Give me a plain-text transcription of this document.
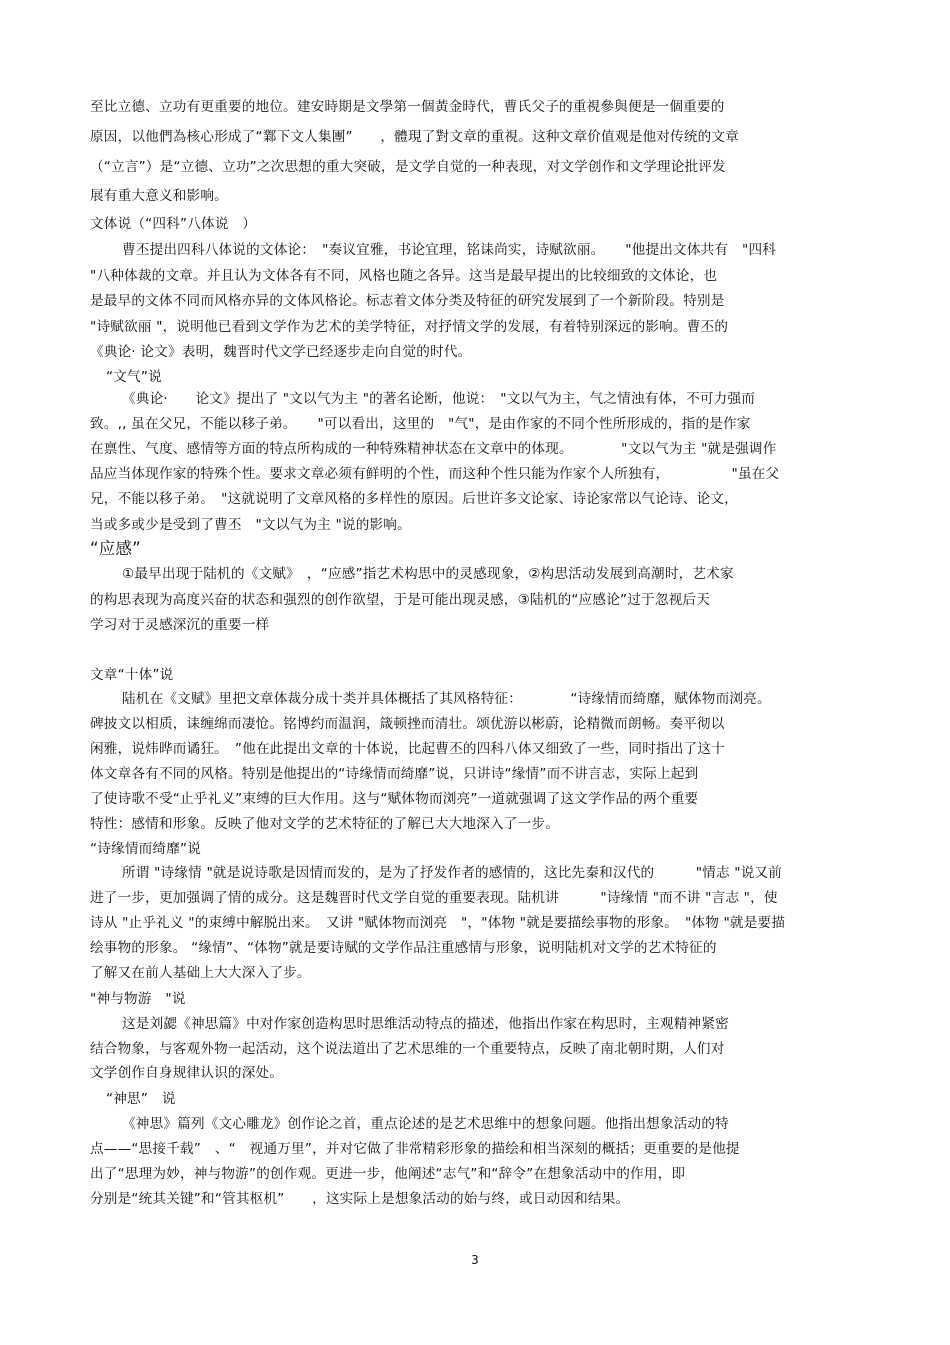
至比立德、立功有更重要的地位。建安時期是文學第一個黃金時代，曹氏父子的重視參與便是一個重要的
原因，以他們為核心形成了“鄴下文人集團”　　，體現了對文章的重視。这种文章价值观是他对传统的文章
（“立言”）是“立德、立功”之次思想的重大突破，是文学自觉的一种表现，对文学创作和文学理论批评发
展有重大意义和影响。
文体说（“四科”八体说　）
曹丕提出四科八体说的文体论：　"奏议宜雅，书论宜理，铭诔尚实，诗赋欲丽。　　"他提出文体共有　"四科
"八种体裁的文章。并且认为文体各有不同，风格也随之各异。这当是最早提出的比较细致的文体论，也
是最早的文体不同而风格亦异的文体风格论。标志着文体分类及特征的研究发展到了一个新阶段。特别是
"诗赋欲丽 "，说明他已看到文学作为艺术的美学特征，对抒情文学的发展，有着特别深远的影响。曹丕的
《典论· 论文》表明，魏晋时代文学已经逐步走向自觉的时代。
“文气”说
《典论·　　论文》提出了 "文以气为主 "的著名论断，他说：　"文以气为主，气之情浊有体，不可力强而
致。,, 虽在父兄，不能以移子弟。　　"可以看出，这里的　"气"，是由作家的不同个性所形成的，指的是作家
在禀性、气度、感情等方面的特点所构成的一种特殊精神状态在文章中的体现。　　　　"文以气为主 "就是强调作
品应当体现作家的特殊个性。要求文章必须有鲜明的个性，而这种个性只能为作家个人所独有，　　　　　"虽在父
兄，不能以移子弟。　"这就说明了文章风格的多样性的原因。后世许多文论家、诗论家常以气论诗、论文，
当或多或少是受到了曹丕　"文以气为主 "说的影响。
“应感”
①最早出现于陆机的《文赋》　，“应感”指艺术构思中的灵感现象，②构思活动发展到高潮时，艺术家
的构思表现为高度兴奋的状态和强烈的创作欲望，于是可能出现灵感，③陆机的“应感论”过于忽视后天
学习对于灵感深沉的重要一样
文章“十体”说
陆机在《文赋》里把文章体裁分成十类并具体概括了其风格特征：　　　　“诗缘情而绮靡，赋体物而浏亮。
碑披文以相质，诔缠绵而凄怆。铭博约而温润，箴顿挫而清壮。颂优游以彬蔚，论精微而朗畅。奏平彻以
闲雅，说炜晔而谲狂。　”他在此提出文章的十体说，比起曹丕的四科八体又细致了一些，同时指出了这十
体文章各有不同的风格。特别是他提出的“诗缘情而绮靡”说，只讲诗“缘情”而不讲言志，实际上起到
了使诗歌不受“止乎礼义”束缚的巨大作用。这与“赋体物而浏亮”一道就强调了这文学作品的两个重要
特性：感情和形象。反映了他对文学的艺术特征的了解已大大地深入了一步。
“诗缘情而绮靡”说
所谓 "诗缘情 "就是说诗歌是因情而发的，是为了抒发作者的感情的，这比先秦和汉代的　　　"情志 "说又前
进了一步，更加强调了情的成分。这是魏晋时代文学自觉的重要表现。陆机讲　　　"诗缘情 "而不讲 "言志 "，使
诗从 "止乎礼义 "的束缚中解脱出来。　又讲 "赋体物而浏亮　"，"体物 "就是要描绘事物的形象。　"体物 "就是要描
绘事物的形象。 “缘情”、“体物”就是要诗赋的文学作品注重感情与形象，说明陆机对文学的艺术特征的
了解又在前人基础上大大深入了步。
"神与物游　"说
这是刘勰《神思篇》中对作家创造构思时思维活动特点的描述，他指出作家在构思时，主观精神紧密
结合物象，与客观外物一起活动，这个说法道出了艺术思维的一个重要特点，反映了南北朝时期，人们对
文学创作自身规律认识的深处。
“神思”　说
《神思》篇列《文心雕龙》创作论之首，重点论述的是艺术思维中的想象问题。他指出想象活动的特
点——“思接千载”　、“　视通万里”，并对它做了非常精彩形象的描绘和相当深刻的概括；更重要的是他提
出了“思理为妙，神与物游”的创作观。更进一步，他阐述“志气”和“辞令”在想象活动中的作用，即
分别是“统其关键”和“管其枢机”　　，这实际上是想象活动的始与终，或日动因和结果。
3
